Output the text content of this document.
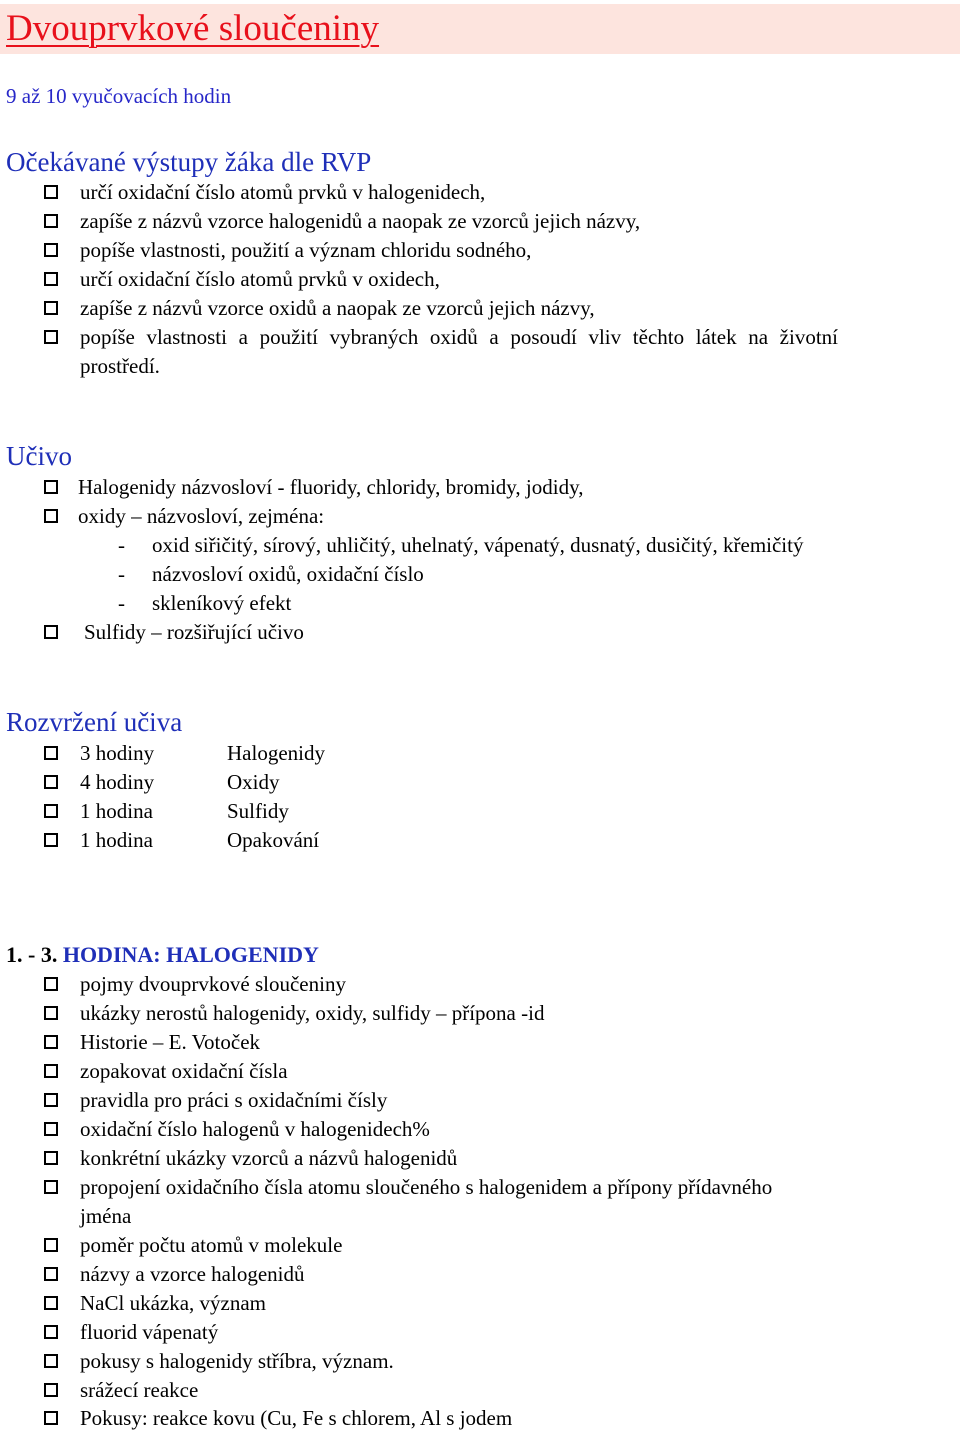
Dvouprvkové sloučeniny
9 až 10 vyučovacích hodin
Očekávané výstupy žáka dle RVP
určí oxidační číslo atomů prvků v halogenidech,
zapíše z názvů vzorce halogenidů a naopak ze vzorců jejich názvy,
popíše vlastnosti, použití a význam chloridu sodného,
určí oxidační číslo atomů prvků v oxidech,
zapíše z názvů vzorce oxidů a naopak ze vzorců jejich názvy,
popíše vlastnosti a použití vybraných oxidů a posoudí vliv těchto látek na životní
prostředí.
Učivo
Halogenidy názvosloví - fluoridy, chloridy, bromidy, jodidy,
oxidy – názvosloví, zejména:
- oxid siřičitý, sírový, uhličitý, uhelnatý, vápenatý, dusnatý, dusičitý, křemičitý
- názvosloví oxidů, oxidační číslo
- skleníkový efekt
Sulfidy – rozšiřující učivo
Rozvržení učiva
3 hodiny	Halogenidy
4 hodiny	Oxidy
1 hodina	Sulfidy
1 hodina	Opakování
1. - 3. HODINA: HALOGENIDY
pojmy dvouprvkové sloučeniny
ukázky nerostů halogenidy, oxidy, sulfidy – přípona -id
Historie – E. Votoček
zopakovat oxidační čísla
pravidla pro práci s oxidačními čísly
oxidační číslo halogenů v halogenidech%
konkrétní ukázky vzorců a názvů halogenidů
propojení oxidačního čísla atomu sloučeného s halogenidem a přípony přídavného
jména
poměr počtu atomů v molekule
názvy a vzorce halogenidů
NaCl ukázka, význam
fluorid vápenatý
pokusy s halogenidy stříbra, význam.
srážecí reakce
Pokusy: reakce kovu (Cu, Fe s chlorem, Al s jodem
